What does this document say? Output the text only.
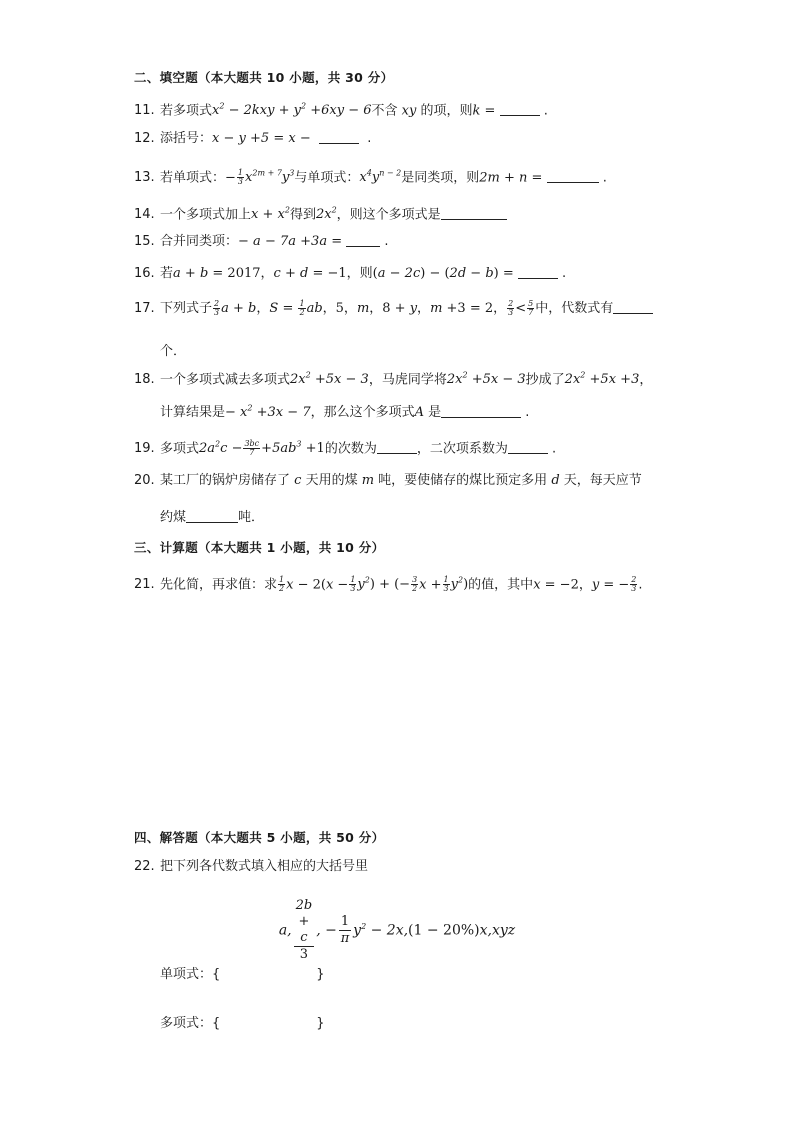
二、填空题（本大题共 10 小题，共 30 分）
11. 若多项式$x^2 - 2kxy + y^2 +6xy - 6$不含 xy 的项，则k =	.
12. 添括号：x − y +5 = x −	.
13. 若单项式：− $\frac{1}{3} x^{2m + 7}y^3$与单项式：$x^4y^{n - 2}$是同类项，则2m + n =	.
14. 一个多项式加上$x + x^2$得到$2x^2$，则这个多项式是
15. 合并同类项：− a − 7a +3a =	.
16. 若a + b = 2017，c + d = −1，则(a − 2c) − (2d − b) =	.
17. 下列式子 $\frac{2}{3}$ a + b，$S = \frac{1}{2}$ ab，5，m，8 + y，m +3 = 2， $\frac{2}{3} < \frac{5}{7}$ 中，代数式有
个．
18. 一个多项式减去多项式$2x^2 +5x - 3$，马虎同学将$2x^2 +5x - 3$抄成了$2x^2 +5x +3$，
计算结果是− $x^2 +3x - 7$，那么这个多项式A 是	.
19. 多项式$2a^2c - \frac{3bc}{7} +5ab^3 +1$的次数为	，二次项系数为	.
20. 某工厂的锅炉房储存了 c 天用的煤 m 吨，要使储存的煤比预定多用 d 天，每天应节
约煤	吨．
三、计算题（本大题共 1 小题，共 10 分）
21. 先化简，再求值：求 $\frac{1}{2}$ $x - 2(x - \frac{1}{3} y^2)$ + (− $\frac{3}{2}$ $x + \frac{1}{3} y^2$)的值，其中x = −2，y = − $\frac{2}{3}$ .
四、解答题（本大题共 5 小题，共 50 分）
22. 把下列各代数式填入相应的大括号里
a, 2b
+
c
3 , − $\frac{1}{\pi} y^2 - 2x,(1 - 20\%)x,xyz$
单项式：{	}
多项式：{	}
